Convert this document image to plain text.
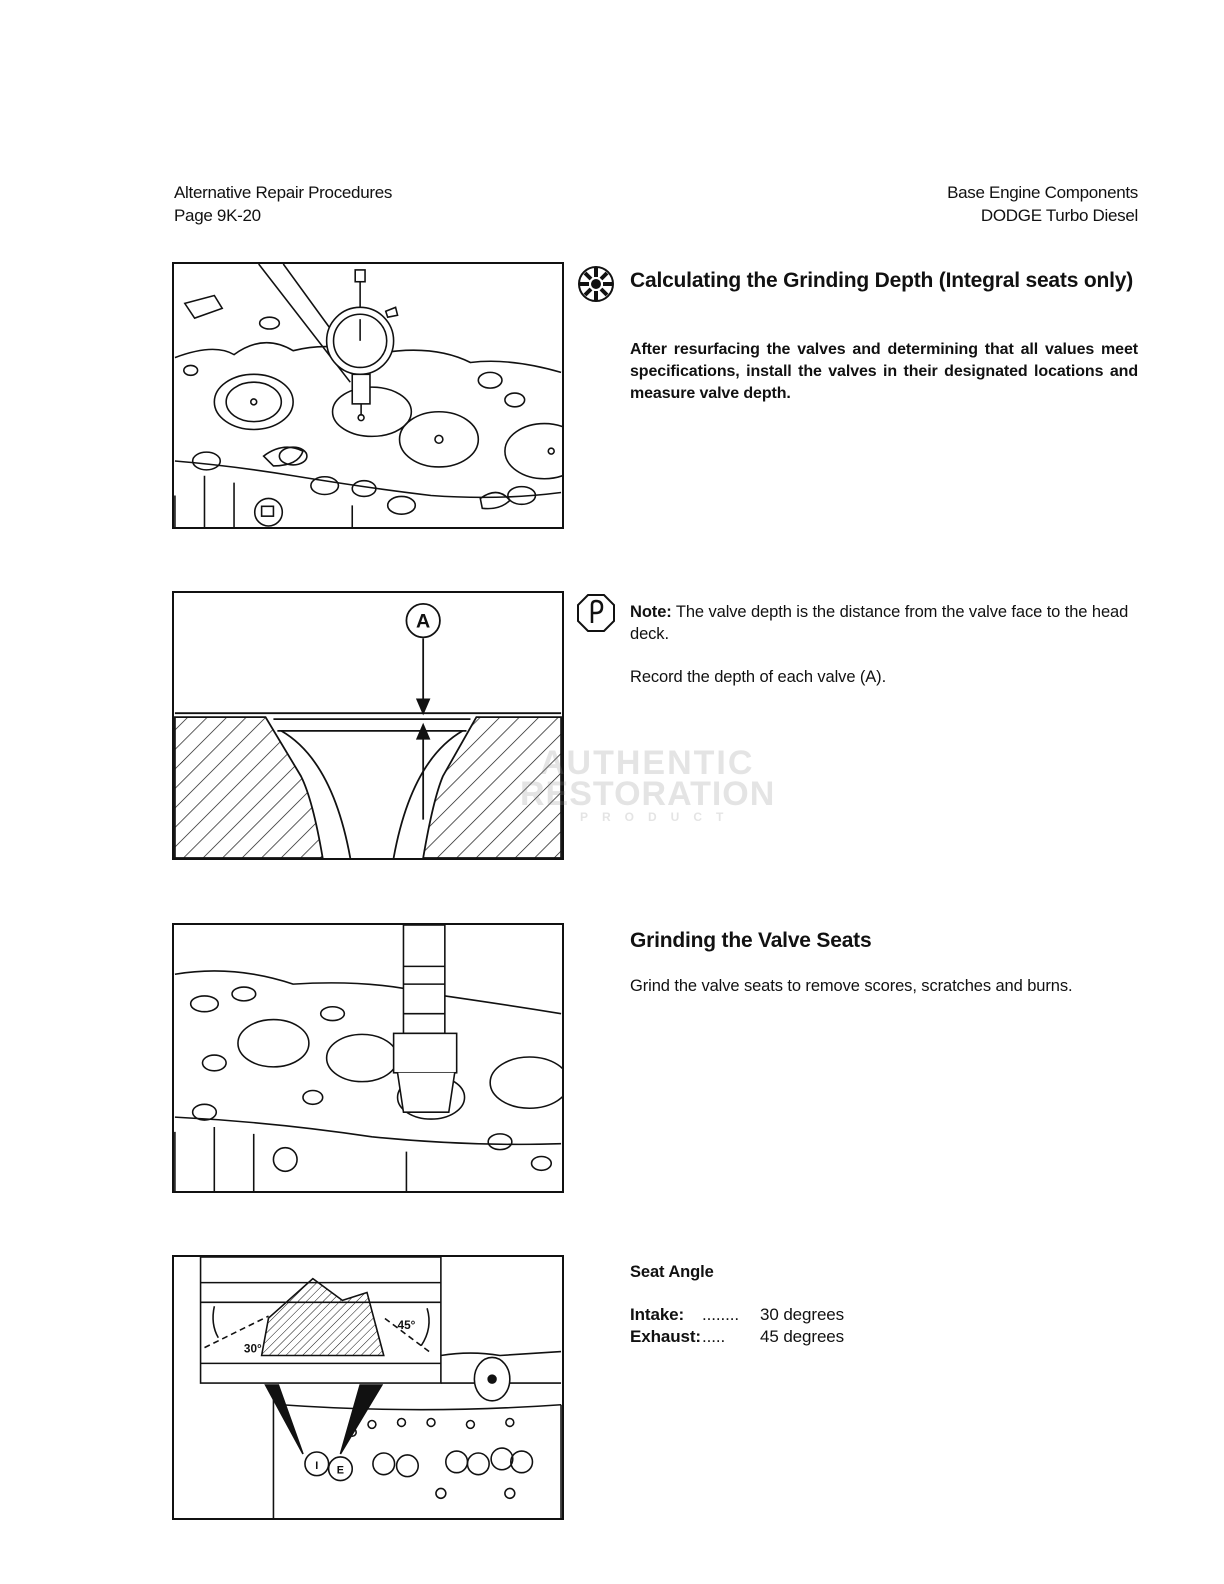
Alternative Repair Procedures
Page 9K-20
Base Engine Components
DODGE Turbo Diesel
A
30°
45°
I E
Calculating the Grinding Depth (Integral seats only)
After resurfacing the valves and determining that all values meet specifications, install the valves in their designated locations and measure valve depth.
Note: The valve depth is the distance from the valve face to the head deck.
Record the depth of each valve (A).
AUTHENTIC
RESTORATION
PRODUCT
Grinding the Valve Seats
Grind the valve seats to remove scores, scratches and burns.
Seat Angle
Intake: ........ 30 degrees
Exhaust:..... 45 degrees
